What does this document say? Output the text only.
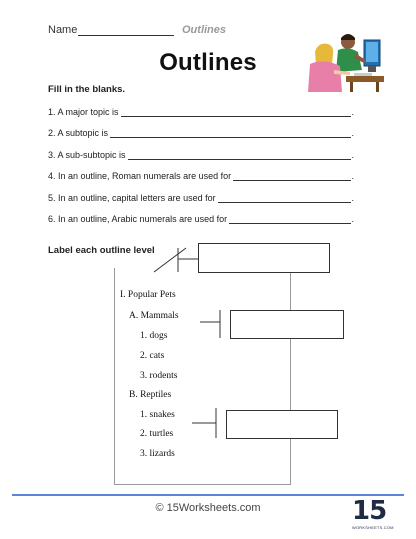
Name	Outlines
Outlines
Fill in the blanks.
1. A major topic is	.
2. A subtopic is	.
3. A sub-subtopic is	.
4. In an outline, Roman numerals are used for	.
5. In an outline, capital letters are used for	.
6. In an outline, Arabic numerals are used for	.
Label each outline level
I. Popular Pets
A. Mammals
1. dogs
2. cats
3. rodents
B. Reptiles
1. snakes
2. turtles
3. lizards
© 15Worksheets.com	15
WORKSHEETS.COM
